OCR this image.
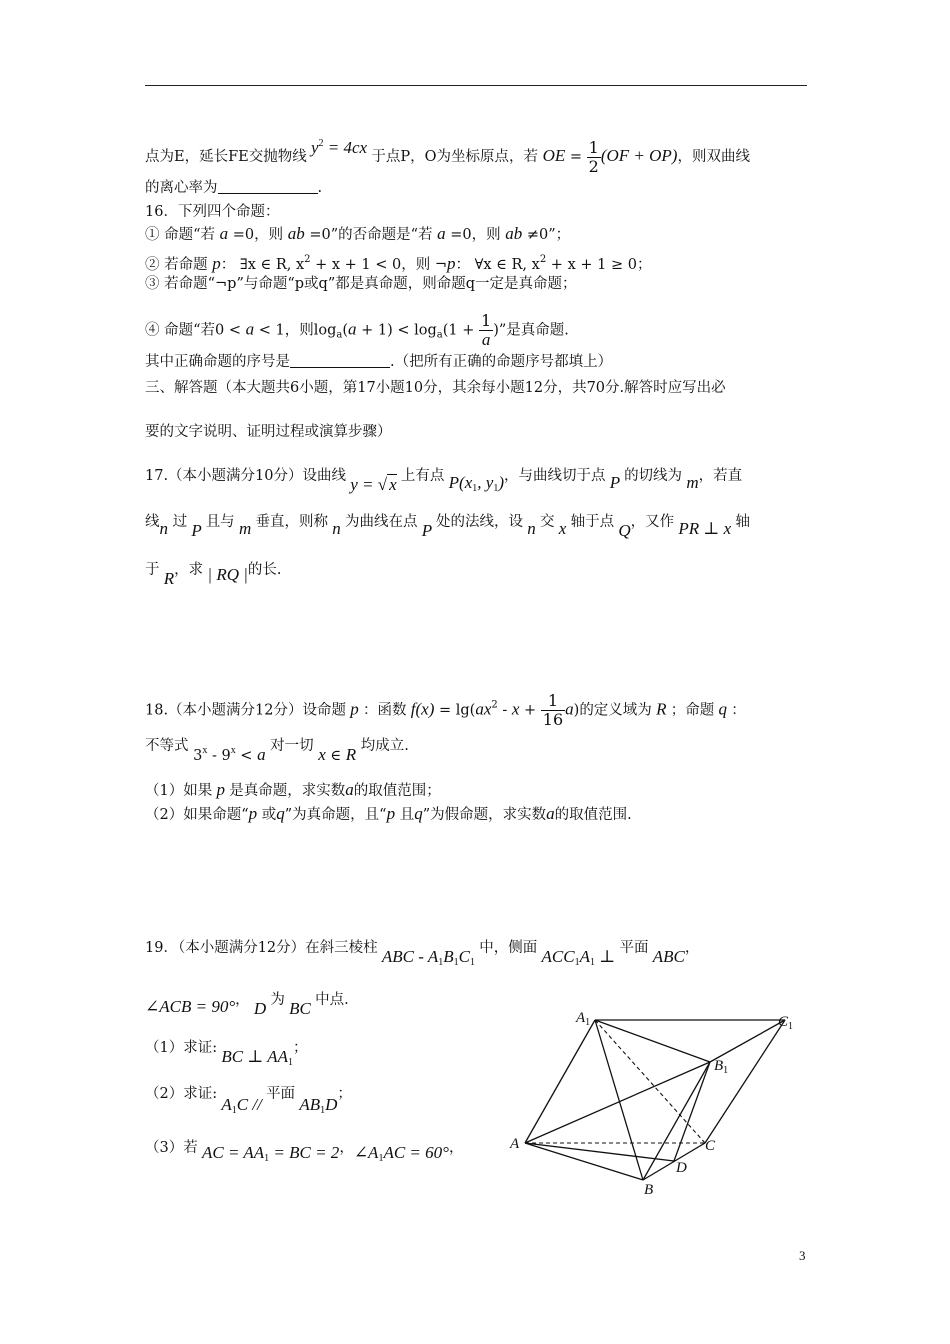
点为E，延长FE交抛物线 $y^2 = 4cx$ 于点P，O为坐标原点，若 OE = $\frac{1}{2} (OF + OP)$，则双曲线
的离心率为	.
16．下列四个命题：
① 命题“若 a =0，则 ab =0”的否命题是“若 a =0，则 ab ≠0”；
② 若命题 p： ∃x ∈ R, $x^2 + x + 1 < 0$，则 ¬p： ∀x ∈ R, $x^2 + x + 1 \ge 0$；
③ 若命题“¬p”与命题“p或q”都是真命题，则命题q一定是真命题；
④ 命题“若0 < a < 1，则$\log_a(a + 1) < \log_a(1 + \frac{1}{a}$ )”是真命题.
其中正确命题的序号是	.（把所有正确的命题序号都填上）
三、解答题（本大题共6小题，第17小题10分，其余每小题12分，共70分.解答时应写出必
要的文字说明、证明过程或演算步骤）
17.（本小题满分10分）设曲线 y = √ x 上有点 $P(x_1$, $y_1$)，与曲线切于点 P 的切线为 m，若直
线n 过 P 且与 m 垂直，则称 n 为曲线在点 P 处的法线，设 n 交 x 轴于点 Q，又作 PR ⊥ x 轴
于 R，求 | RQ |的长.
18.（本小题满分12分）设命题 p ：函数 $f(x) = \lg(ax^2 - x + \frac{1}{16} a)$的定义域为 R ；命题 q ：
不等式 $3^x - 9^x < a$ 对一切 x ∈ R 均成立.
（1）如果 p 是真命题，求实数a的取值范围；
（2）如果命题“p 或q”为真命题，且“p 且q”为假命题，求实数a的取值范围.
19．（本小题满分12分）在斜三棱柱 ABC - $A_1B_1C_1$ 中，侧面 $ACC_1A_1$ ⊥ 平面 ABC，
∠ACB = 90°， D 为 BC 中点.
（1）求证: BC ⊥ $AA_1$；
（2）求证: $A_1C$ // 平面 $AB_1D$；
（3）若 AC = $AA_1$ = BC = 2，$\angle A_1AC = 60^\circ$，
$A_1$	$C_1$
$B_1$
A	C
D
B
3
